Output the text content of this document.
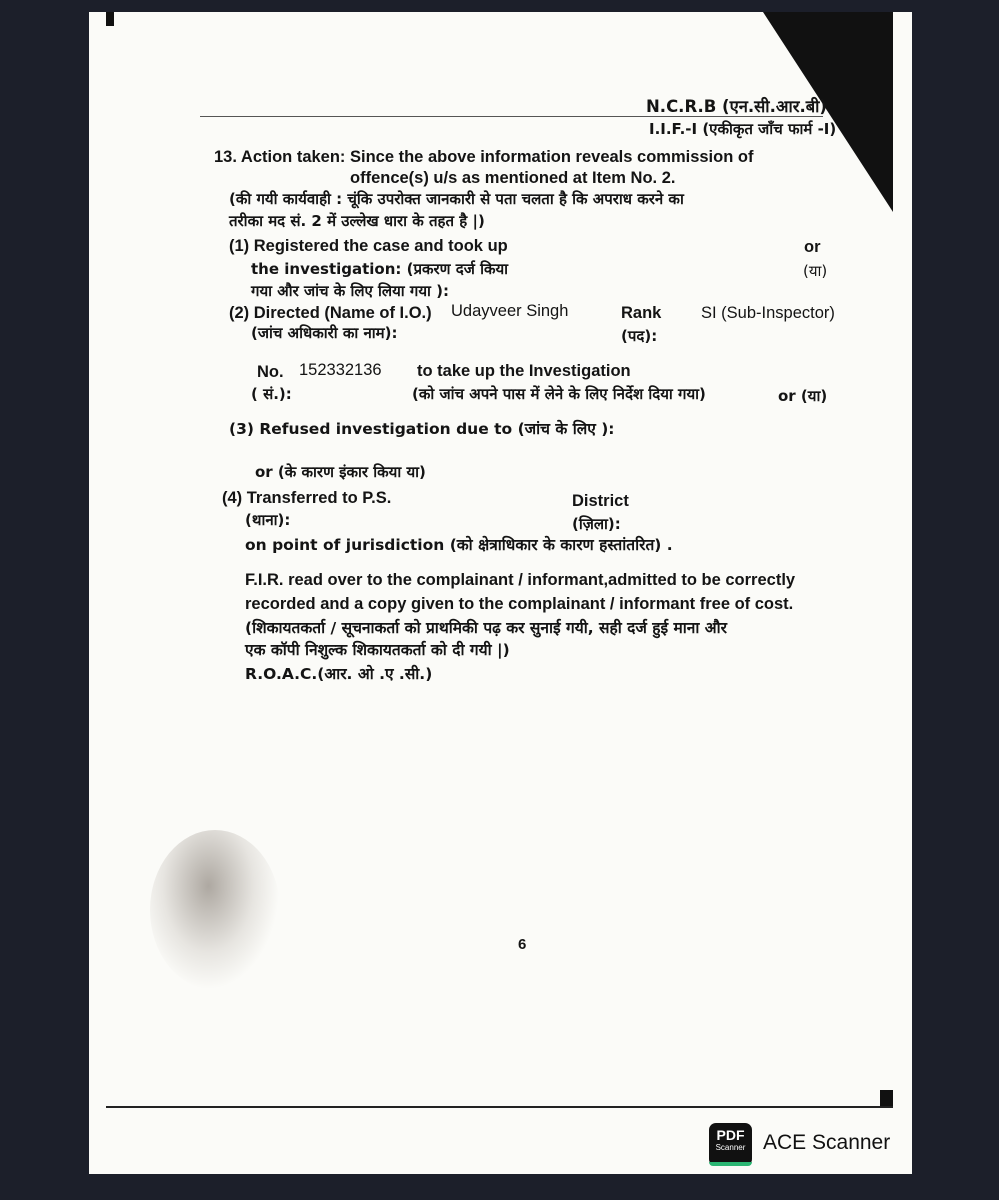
N.C.R.B (एन.सी.आर.बी)
I.I.F.-I (एकीकृत जाँच फार्म -I)
13. Action taken: Since the above information reveals commission of
offence(s) u/s as mentioned at Item No. 2.
(की गयी कार्यवाही : चूंकि उपरोक्त जानकारी से पता चलता है कि अपराध करने का
तरीका मद सं. 2 में उल्लेख धारा के तहत है |)
(1) Registered the case and took up
the investigation: (प्रकरण दर्ज किया
गया और जांच के लिए लिया गया ):
or
(या)
(2) Directed (Name of I.O.)
(जांच अधिकारी का नाम):
Udayveer Singh	Rank
(पद):
SI (Sub-Inspector)
No.
( सं.):
152332136 to take up the Investigation
(को जांच अपने पास में लेने के लिए निर्देश दिया गया)	or (या)
(3) Refused investigation due to (जांच के लिए ):
or (के कारण इंकार किया या)
(4) Transferred to P.S.
(थाना):
District
(ज़िला):
on point of jurisdiction (को क्षेत्राधिकार के कारण हस्तांतरित) .
F.I.R. read over to the complainant / informant,admitted to be correctly
recorded and a copy given to the complainant / informant free of cost.
(शिकायतकर्ता / सूचनाकर्ता को प्राथमिकी पढ़ कर सुनाई गयी, सही दर्ज हुई माना और
एक कॉपी निशुल्क शिकायतकर्ता को दी गयी |)
R.O.A.C.(आर. ओ .ए .सी.)
6
PDF
Scanner ACE Scanner
